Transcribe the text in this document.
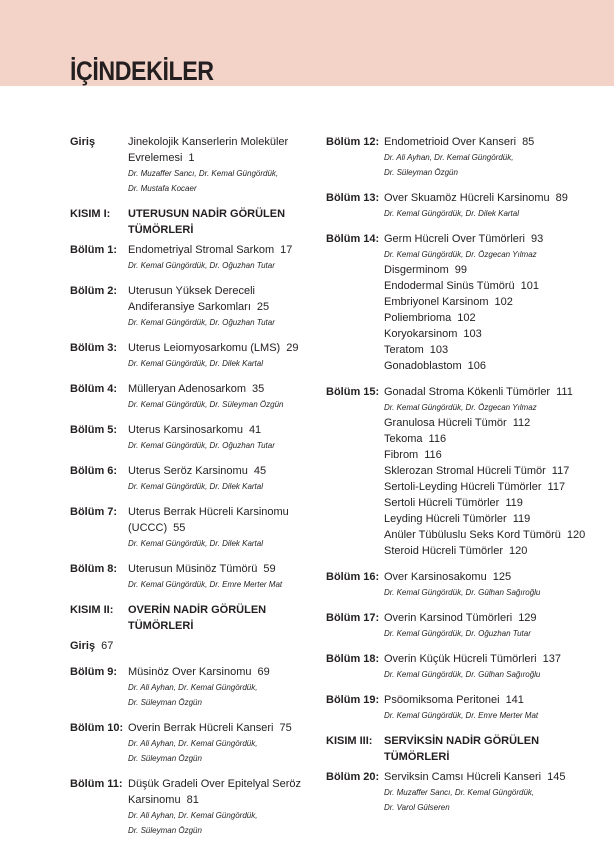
İÇİNDEKİLER
Giriş	Jinekolojik Kanserlerin Moleküler Evrelemesi 1
Dr. Muzaffer Sancı, Dr. Kemal Güngördük,
Dr. Mustafa Kocaer
KISIM I:	UTERUSUN NADİR GÖRÜLEN TÜMÖRLERİ
Bölüm 1: Endometriyal Stromal Sarkom 17
Dr. Kemal Güngördük, Dr. Oğuzhan Tutar
Bölüm 2: Uterusun Yüksek Dereceli Andiferansiye Sarkomları 25
Dr. Kemal Güngördük, Dr. Oğuzhan Tutar
Bölüm 3: Uterus Leiomyosarkomu (LMS) 29
Dr. Kemal Güngördük, Dr. Dilek Kartal
Bölüm 4: Mülleryan Adenosarkom 35
Dr. Kemal Güngördük, Dr. Süleyman Özgün
Bölüm 5: Uterus Karsinosarkomu 41
Dr. Kemal Güngördük, Dr. Oğuzhan Tutar
Bölüm 6: Uterus Seröz Karsinomu 45
Dr. Kemal Güngördük, Dr. Dilek Kartal
Bölüm 7: Uterus Berrak Hücreli Karsinomu (UCCC) 55
Dr. Kemal Güngördük, Dr. Dilek Kartal
Bölüm 8: Uterusun Müsinöz Tümörü 59
Dr. Kemal Güngördük, Dr. Emre Merter Mat
KISIM II:	OVERİN NADİR GÖRÜLEN TÜMÖRLERİ
Giriş 67
Bölüm 9: Müsinöz Over Karsinomu 69
Dr. Ali Ayhan, Dr. Kemal Güngördük,
Dr. Süleyman Özgün
Bölüm 10: Overin Berrak Hücreli Kanseri 75
Dr. Ali Ayhan, Dr. Kemal Güngördük,
Dr. Süleyman Özgün
Bölüm 11: Düşük Gradeli Over Epitelyal Seröz Karsinomu 81
Dr. Ali Ayhan, Dr. Kemal Güngördük,
Dr. Süleyman Özgün
Bölüm 12: Endometrioid Over Kanseri 85
Dr. Ali Ayhan, Dr. Kemal Güngördük,
Dr. Süleyman Özgün
Bölüm 13: Over Skuamöz Hücreli Karsinomu 89
Dr. Kemal Güngördük, Dr. Dilek Kartal
Bölüm 14: Germ Hücreli Over Tümörleri 93
Dr. Kemal Güngördük, Dr. Özgecan Yılmaz
Disgerminom 99
Endodermal Sinüs Tümörü 101
Embriyonel Karsinom 102
Poliembrioma 102
Koryokarsinom 103
Teratom 103
Gonadoblastom 106
Bölüm 15: Gonadal Stroma Kökenli Tümörler 111
Dr. Kemal Güngördük, Dr. Özgecan Yılmaz
Granulosa Hücreli Tümör 112
Tekoma 116
Fibrom 116
Sklerozan Stromal Hücreli Tümör 117
Sertoli-Leyding Hücreli Tümörler 117
Sertoli Hücreli Tümörler 119
Leyding Hücreli Tümörler 119
Anüler Tübüluslu Seks Kord Tümörü 120
Steroid Hücreli Tümörler 120
Bölüm 16: Over Karsinosakomu 125
Dr. Kemal Güngördük, Dr. Gülhan Sağıroğlu
Bölüm 17: Overin Karsinod Tümörleri 129
Dr. Kemal Güngördük, Dr. Oğuzhan Tutar
Bölüm 18: Overin Küçük Hücreli Tümörleri 137
Dr. Kemal Güngördük, Dr. Gülhan Sağıroğlu
Bölüm 19: Psöomiksoma Peritonei 141
Dr. Kemal Güngördük, Dr. Emre Merter Mat
KISIM III:	SERVİKSİN NADİR GÖRÜLEN TÜMÖRLERİ
Bölüm 20: Serviksin Camsı Hücreli Kanseri 145
Dr. Muzaffer Sancı, Dr. Kemal Güngördük,
Dr. Varol Gülseren
